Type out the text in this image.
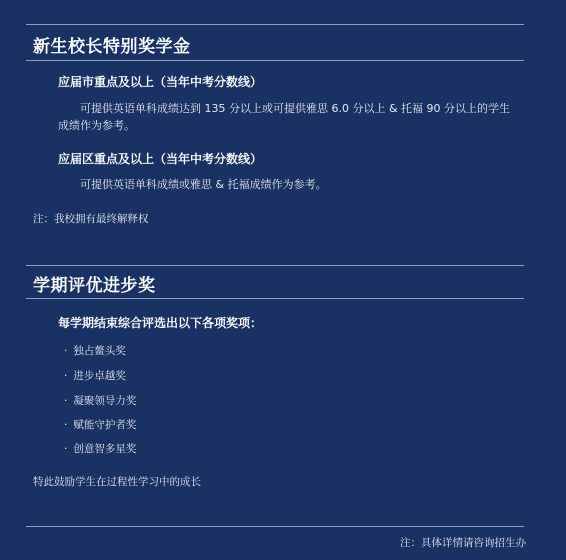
新生校长特别奖学金
应届市重点及以上（当年中考分数线）
可提供英语单科成绩达到 135 分以上或可提供雅思 6.0 分以上 & 托福 90 分以上的学生成绩作为参考。
应届区重点及以上（当年中考分数线）
可提供英语单科成绩或雅思 & 托福成绩作为参考。
注：我校拥有最终解释权
学期评优进步奖
每学期结束综合评选出以下各项奖项：
· 独占鳌头奖
· 进步卓越奖
· 凝聚领导力奖
· 赋能守护者奖
· 创意智多星奖
特此鼓励学生在过程性学习中的成长
注：具体详情请咨询招生办
